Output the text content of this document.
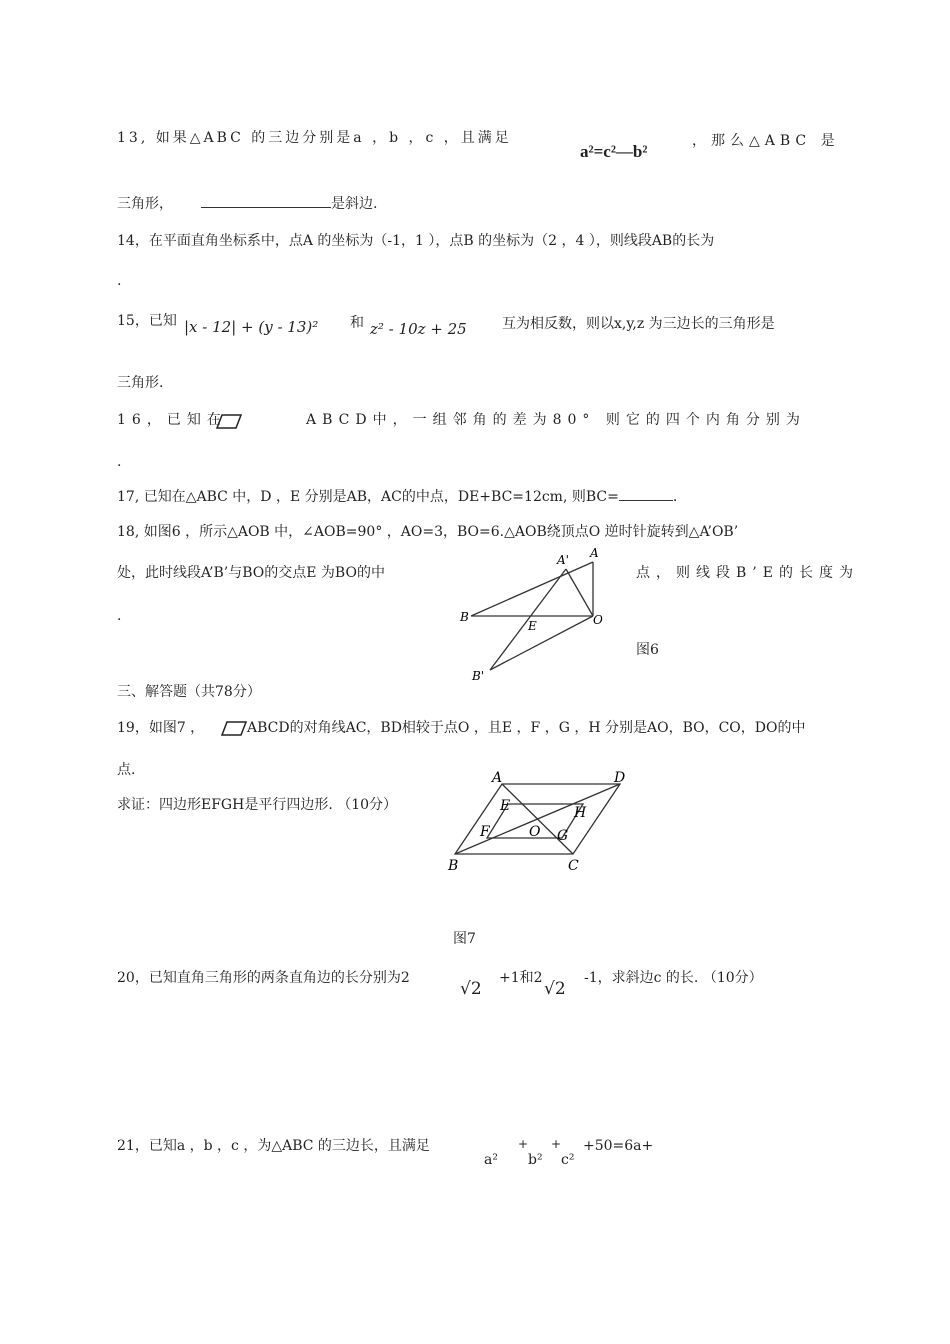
13, 如果△ABC 的三边分别是a ，b ，c ，且满足
a²=c²—b²
，那么△ABC 是
三角形，	是斜边.
14，在平面直角坐标系中，点A 的坐标为（-1，1 ），点B 的坐标为（2 ，4 ），则线段AB的长为
.
15，已知 |x - 12| + (y - 13)² 和 z² - 10z + 25	互为相反数，则以x,y,z 为三边长的三角形是
三角形.
16，已知在	ABCD中，一组邻角的差为80° 则它的四个内角分别为
.
17, 已知在△ABC 中，D ，E 分别是AB，AC的中点，DE+BC=12cm, 则BC=	.
18, 如图6 ，所示△AOB 中，∠AOB=90° ，AO=3，BO=6.△AOB绕顶点O 逆时针旋转到△A’OB’
处，此时线段A’B’与BO的交点E 为BO的中	点，则线段B’E的长度为
.
A
A'
B
E	O
B'
图6
三、解答题（共78分）
19，如图7 ，	ABCD的对角线AC，BD相较于点O ，且E ，F ，G ，H 分别是AO，BO，CO，DO的中
点.
求证：四边形EFGH是平行四边形. （10分）
A	D
E	H
F	O G
B	C
图7
20，已知直角三角形的两条直角边的长分别为2
√2
+1和2
√2
-1，求斜边c 的长. （10分）
21，已知a ，b ，c ，为△ABC 的三边长，且满足
a²
+
b²
+
c²
+50=6a+
